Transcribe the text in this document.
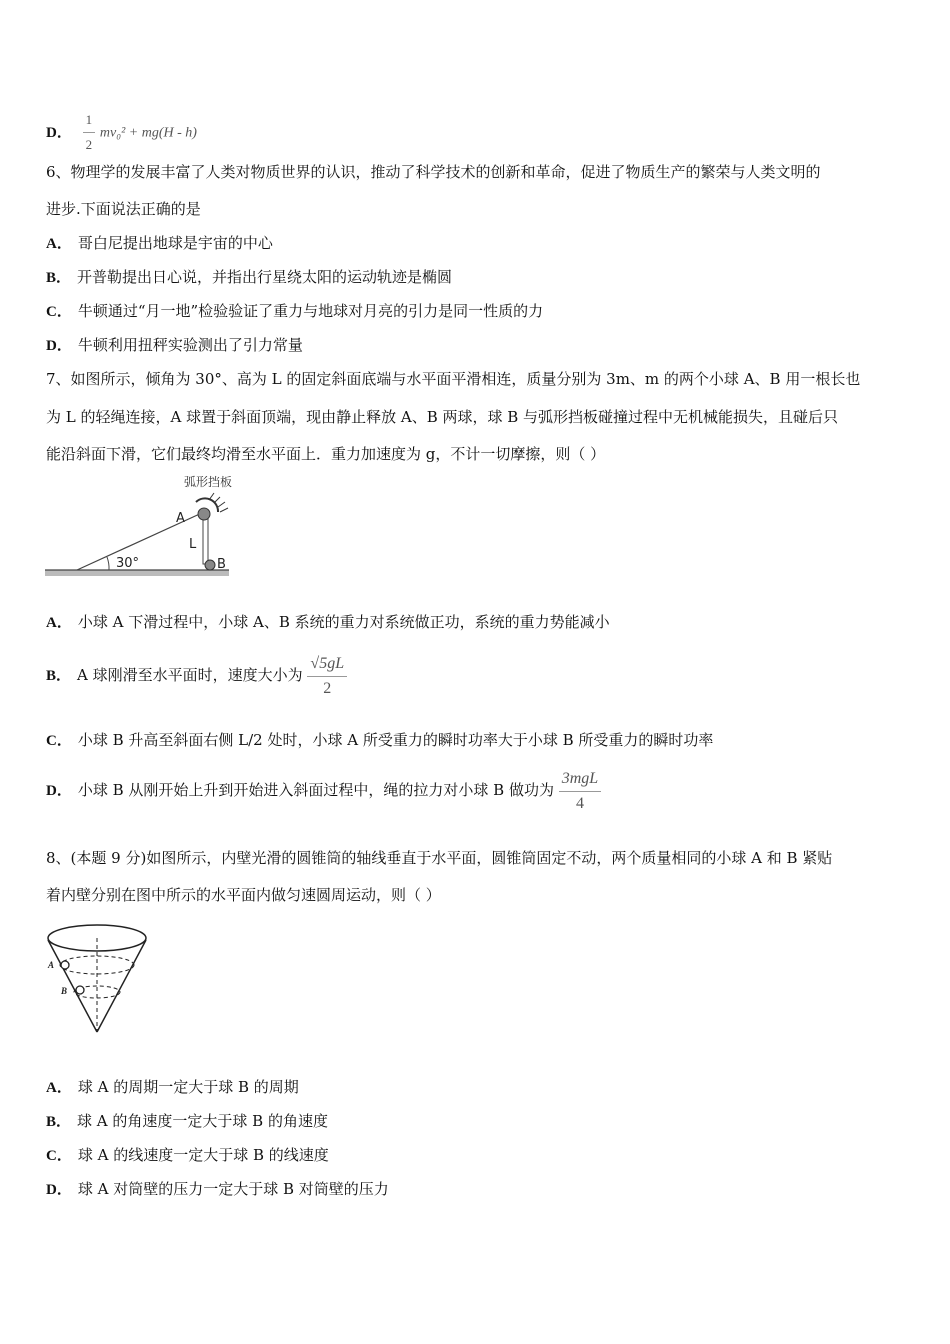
D． $\frac{1}{2} mv_0^2 + mg(H - h)$
6、物理学的发展丰富了人类对物质世界的认识，推动了科学技术的创新和革命，促进了物质生产的繁荣与人类文明的
进步.下面说法正确的是
A． 哥白尼提出地球是宇宙的中心
B． 开普勒提出日心说，并指出行星绕太阳的运动轨迹是椭圆
C． 牛顿通过“月一地”检验验证了重力与地球对月亮的引力是同一性质的力
D． 牛顿利用扭秤实验测出了引力常量
7、如图所示，倾角为 30°、高为 L 的固定斜面底端与水平面平滑相连，质量分别为 3m、m 的两个小球 A、B 用一根长也
为 L 的轻绳连接，A 球置于斜面顶端，现由静止释放 A、B 两球，球 B 与弧形挡板碰撞过程中无机械能损失，且碰后只
能沿斜面下滑，它们最终均滑至水平面上．重力加速度为 g，不计一切摩擦，则（ ）
弧形挡板
30°
L
A
B
A． 小球 A 下滑过程中，小球 A、B 系统的重力对系统做正功，系统的重力势能减小
B． A 球刚滑至水平面时，速度大小为 $\frac{√5gL}{2}$
C． 小球 B 升高至斜面右侧 L/2 处时，小球 A 所受重力的瞬时功率大于小球 B 所受重力的瞬时功率
D． 小球 B 从刚开始上升到开始进入斜面过程中，绳的拉力对小球 B 做功为 $\frac{\text{3mgL}}{4}$
8、(本题 9 分)如图所示，内壁光滑的圆锥筒的轴线垂直于水平面，圆锥筒固定不动，两个质量相同的小球 A 和 B 紧贴
着内壁分别在图中所示的水平面内做匀速圆周运动，则（ ）
A
B
A． 球 A 的周期一定大于球 B 的周期
B． 球 A 的角速度一定大于球 B 的角速度
C． 球 A 的线速度一定大于球 B 的线速度
D． 球 A 对筒壁的压力一定大于球 B 对筒壁的压力
